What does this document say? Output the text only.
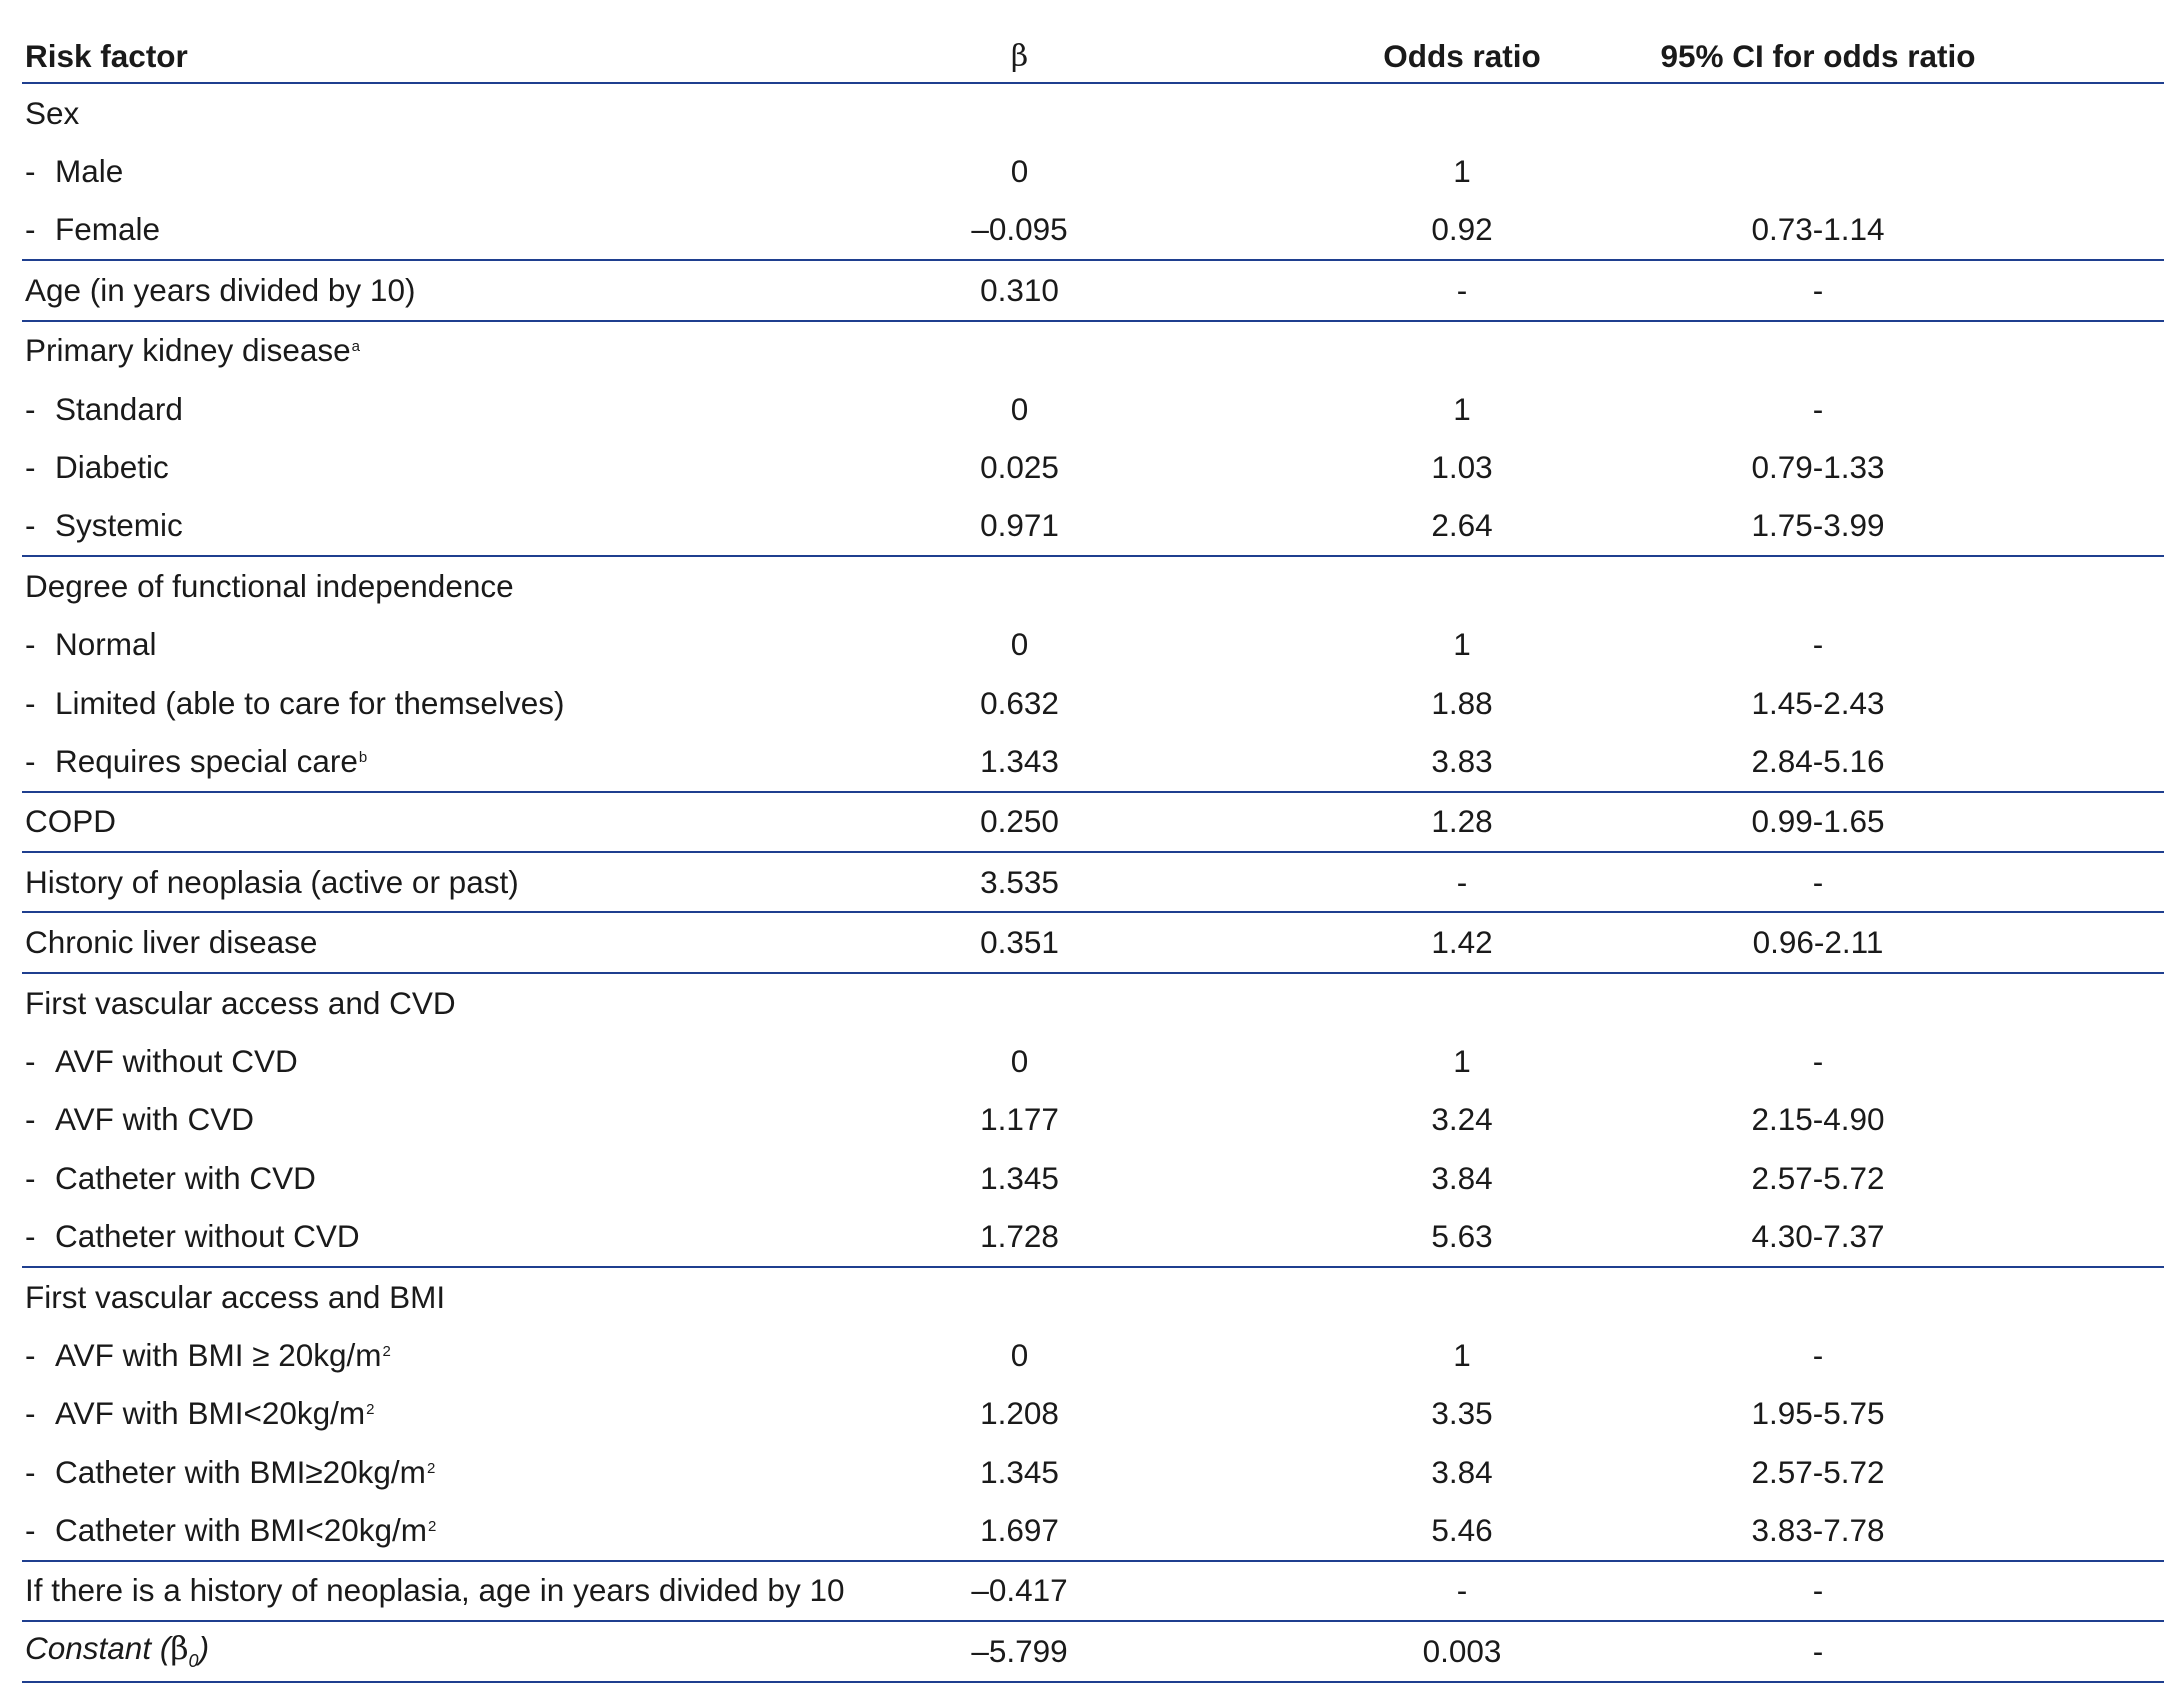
Risk factor	β	Odds ratio	95% CI for odds ratio
Sex			
- Male	0	1	
- Female	–0.095	0.92	0.73-1.14
Age (in years divided by 10)	0.310	-	-
Primary kidney disease$^a$			
- Standard	0	1	-
- Diabetic	0.025	1.03	0.79-1.33
- Systemic	0.971	2.64	1.75-3.99
Degree of functional independence			
- Normal	0	1	-
- Limited (able to care for themselves)	0.632	1.88	1.45-2.43
- Requires special care$^b$	1.343	3.83	2.84-5.16
COPD	0.250	1.28	0.99-1.65
History of neoplasia (active or past)	3.535	-	-
Chronic liver disease	0.351	1.42	0.96-2.11
First vascular access and CVD			
- AVF without CVD	0	1	-
- AVF with CVD	1.177	3.24	2.15-4.90
- Catheter with CVD	1.345	3.84	2.57-5.72
- Catheter without CVD	1.728	5.63	4.30-7.37
First vascular access and BMI			
- AVF with BMI ≥ $20kg/m^2$	0	1	-
- AVF with $BMI<20kg/m^2$	1.208	3.35	1.95-5.75
- Catheter with $BMI\ge 20kg/m^2$	1.345	3.84	2.57-5.72
- Catheter with $BMI<20kg/m^2$	1.697	5.46	3.83-7.78
If there is a history of neoplasia, age in years divided by 10	–0.417	-	-
Constant $(\beta_0)$	–5.799	0.003	-
